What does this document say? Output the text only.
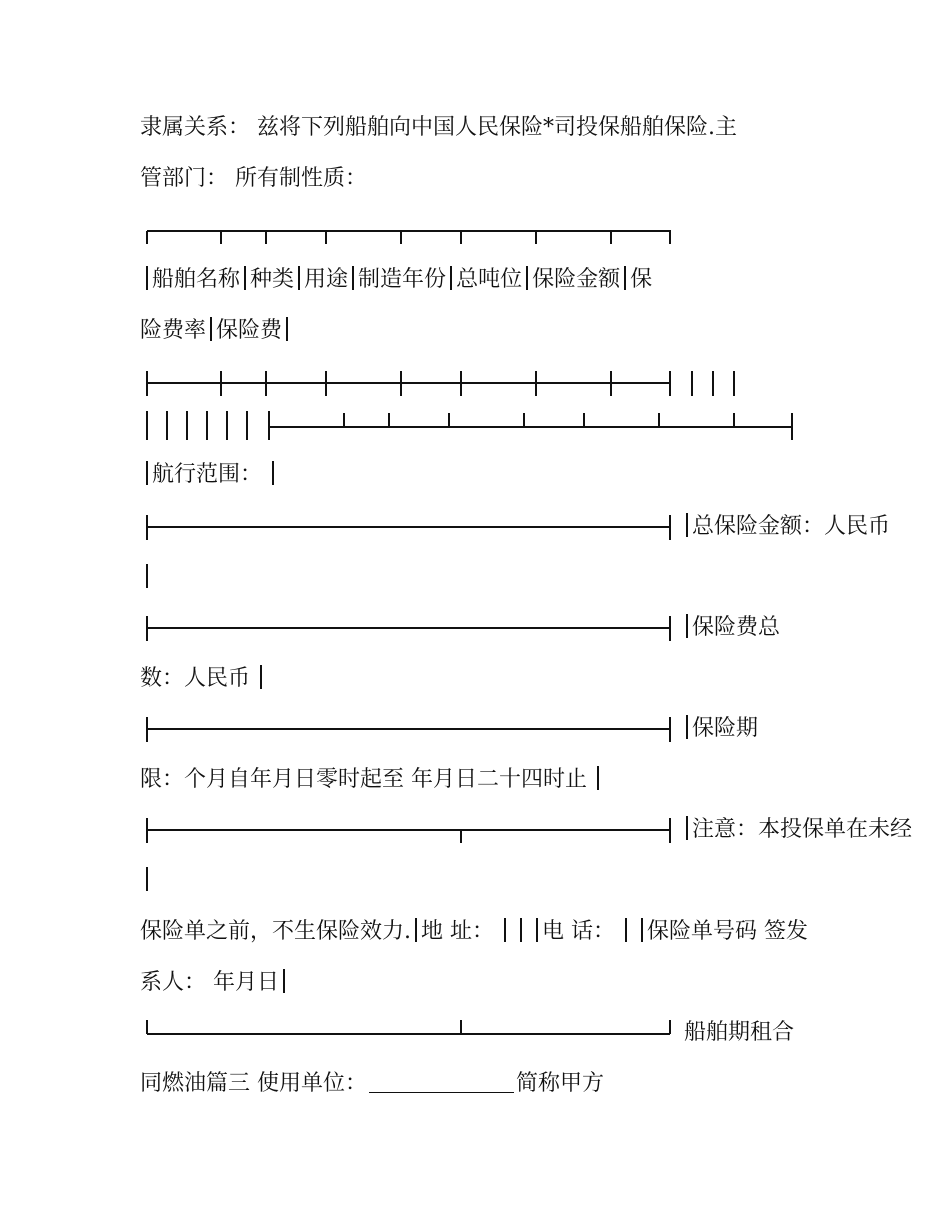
隶属关系： 兹将下列船舶向中国人民保险*司投保船舶保险.主
管部门： 所有制性质：
船舶名称 种类 用途 制造年份 总吨位 保险金额 保
险费率 保险费
航行范围：
总保险金额：人民币
保险费总
数：人民币
保险期
限：个月自年月日零时起至 年月日二十四时止
注意：本投保单在未经
保险单之前，不生保险效力. 地 址： 电 话： 保险单号码 签发
系人： 年月日
船舶期租合
同燃油篇三 使用单位：	简称甲方
